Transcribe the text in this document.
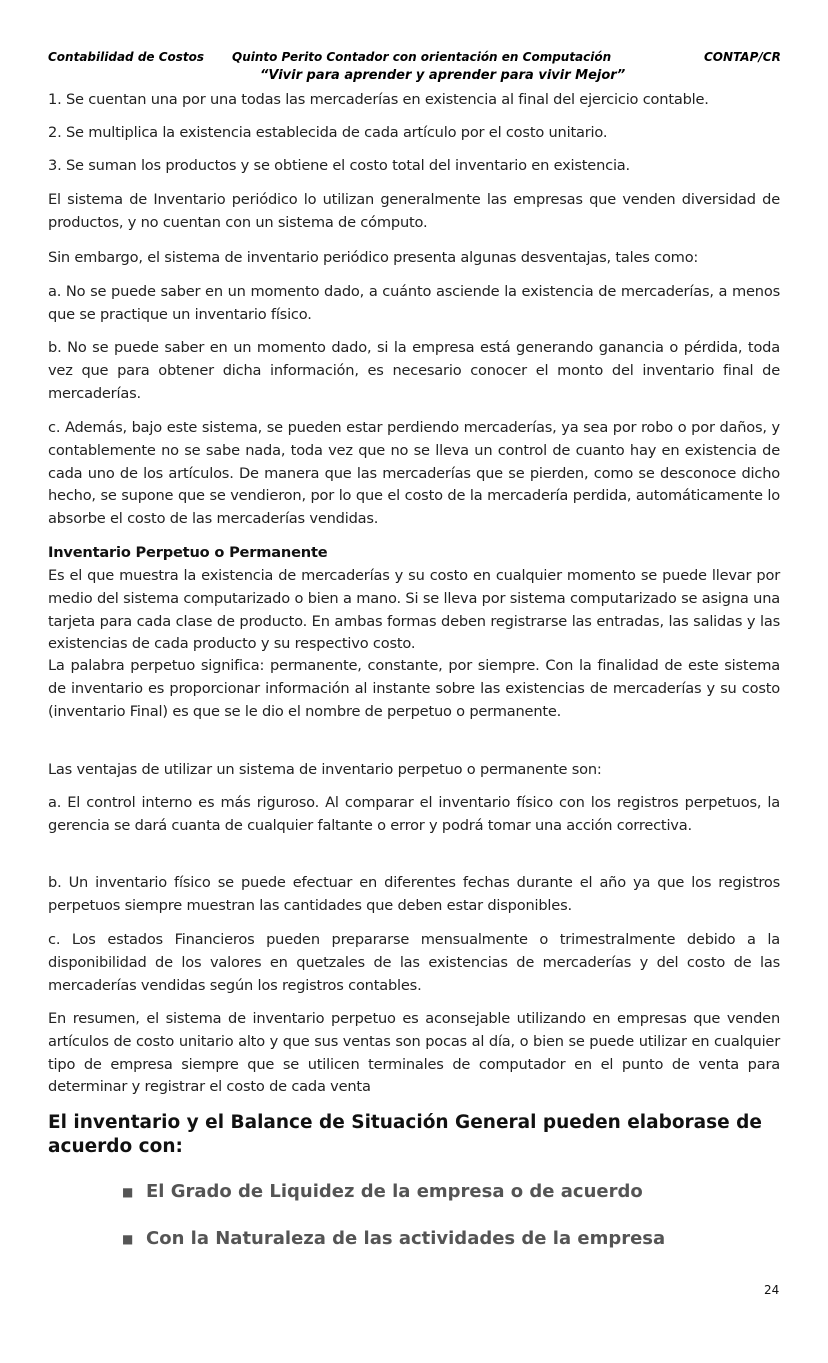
Contabilidad de Costos Quinto Perito Contador con orientación en Computación	CONTAP/CR
“Vivir para aprender y aprender para vivir Mejor”
1. Se cuentan una por una todas las mercaderías en existencia al final del ejercicio contable.
2. Se multiplica la existencia establecida de cada artículo por el costo unitario.
3. Se suman los productos y se obtiene el costo total del inventario en existencia.
El sistema de Inventario periódico lo utilizan generalmente las empresas que venden diversidad de productos, y no cuentan con un sistema de cómputo.
Sin embargo, el sistema de inventario periódico presenta algunas desventajas, tales como:
a. No se puede saber en un momento dado, a cuánto asciende la existencia de mercaderías, a menos que se practique un inventario físico.
b. No se puede saber en un momento dado, si la empresa está generando ganancia o pérdida, toda vez que para obtener dicha información, es necesario conocer el monto del inventario final de mercaderías.
c. Además, bajo este sistema, se pueden estar perdiendo mercaderías, ya sea por robo o por daños, y contablemente no se sabe nada, toda vez que no se lleva un control de cuanto hay en existencia de cada uno de los artículos. De manera que las mercaderías que se pierden, como se desconoce dicho hecho, se supone que se vendieron, por lo que el costo de la mercadería perdida, automáticamente lo absorbe el costo de las mercaderías vendidas.
Inventario Perpetuo o Permanente
Es el que muestra la existencia de mercaderías y su costo en cualquier momento se puede llevar por medio del sistema computarizado o bien a mano. Si se lleva por sistema computarizado se asigna una tarjeta para cada clase de producto. En ambas formas deben registrarse las entradas, las salidas y las existencias de cada producto y su respectivo costo.
La palabra perpetuo significa: permanente, constante, por siempre. Con la finalidad de este sistema de inventario es proporcionar información al instante sobre las existencias de mercaderías y su costo (inventario Final) es que se le dio el nombre de perpetuo o permanente.
Las ventajas de utilizar un sistema de inventario perpetuo o permanente son:
a. El control interno es más riguroso. Al comparar el inventario físico con los registros perpetuos, la gerencia se dará cuanta de cualquier faltante o error y podrá tomar una acción correctiva.
b. Un inventario físico se puede efectuar en diferentes fechas durante el año ya que los registros perpetuos siempre muestran las cantidades que deben estar disponibles.
c. Los estados Financieros pueden prepararse mensualmente o trimestralmente debido a la disponibilidad de los valores en quetzales de las existencias de mercaderías y del costo de las mercaderías vendidas según los registros contables.
En resumen, el sistema de inventario perpetuo es aconsejable utilizando en empresas que venden artículos de costo unitario alto y que sus ventas son pocas al día, o bien se puede utilizar en cualquier tipo de empresa siempre que se utilicen terminales de computador en el punto de venta para determinar y registrar el costo de cada venta
El inventario y el Balance de Situación General pueden elaborase de acuerdo con:
■ El Grado de Liquidez de la empresa o de acuerdo
■ Con la Naturaleza de las actividades de la empresa
24
